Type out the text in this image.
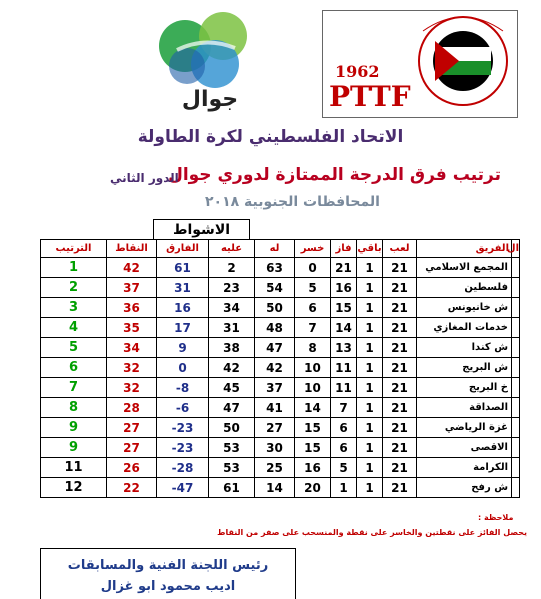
جوال
1962
PTTF
الاتحاد الفلسطيني لكرة الطاولة
ترتيب فرق الدرجة الممتازة لدوري جوال
الدور الثاني
المحافظات الجنوبية ٢٠١٨
الاشواط
ال	الفريق	لعب	باقي	فاز	خسر	له	عليه	الفارق	النقاط	الترتيب
	المجمع الاسلامي	21	1	21	0	63	2	61	42	1
	فلسطين	21	1	16	5	54	23	31	37	2
	ش خانيونس	21	1	15	6	50	34	16	36	3
	خدمات المغازي	21	1	14	7	48	31	17	35	4
	ش كندا	21	1	13	8	47	38	9	34	5
	ش البريج	21	1	11	10	42	42	0	32	6
	خ البريج	21	1	11	10	37	45	8-	32	7
	الصداقة	21	1	7	14	41	47	6-	28	8
	غزة الرياضي	21	1	6	15	27	50	23-	27	9
	الاقصى	21	1	6	15	30	53	23-	27	9
	الكرامة	21	1	5	16	25	53	28-	26	11
	ش رفح	21	1	1	20	14	61	47-	22	12
ملاحظة :
يحصل الفائز على نقطتين والخاسر على نقطة والمنسحب على صفر من النقاط
رئيس اللجنة الفنية والمسابقات
اديب محمود ابو غزال
